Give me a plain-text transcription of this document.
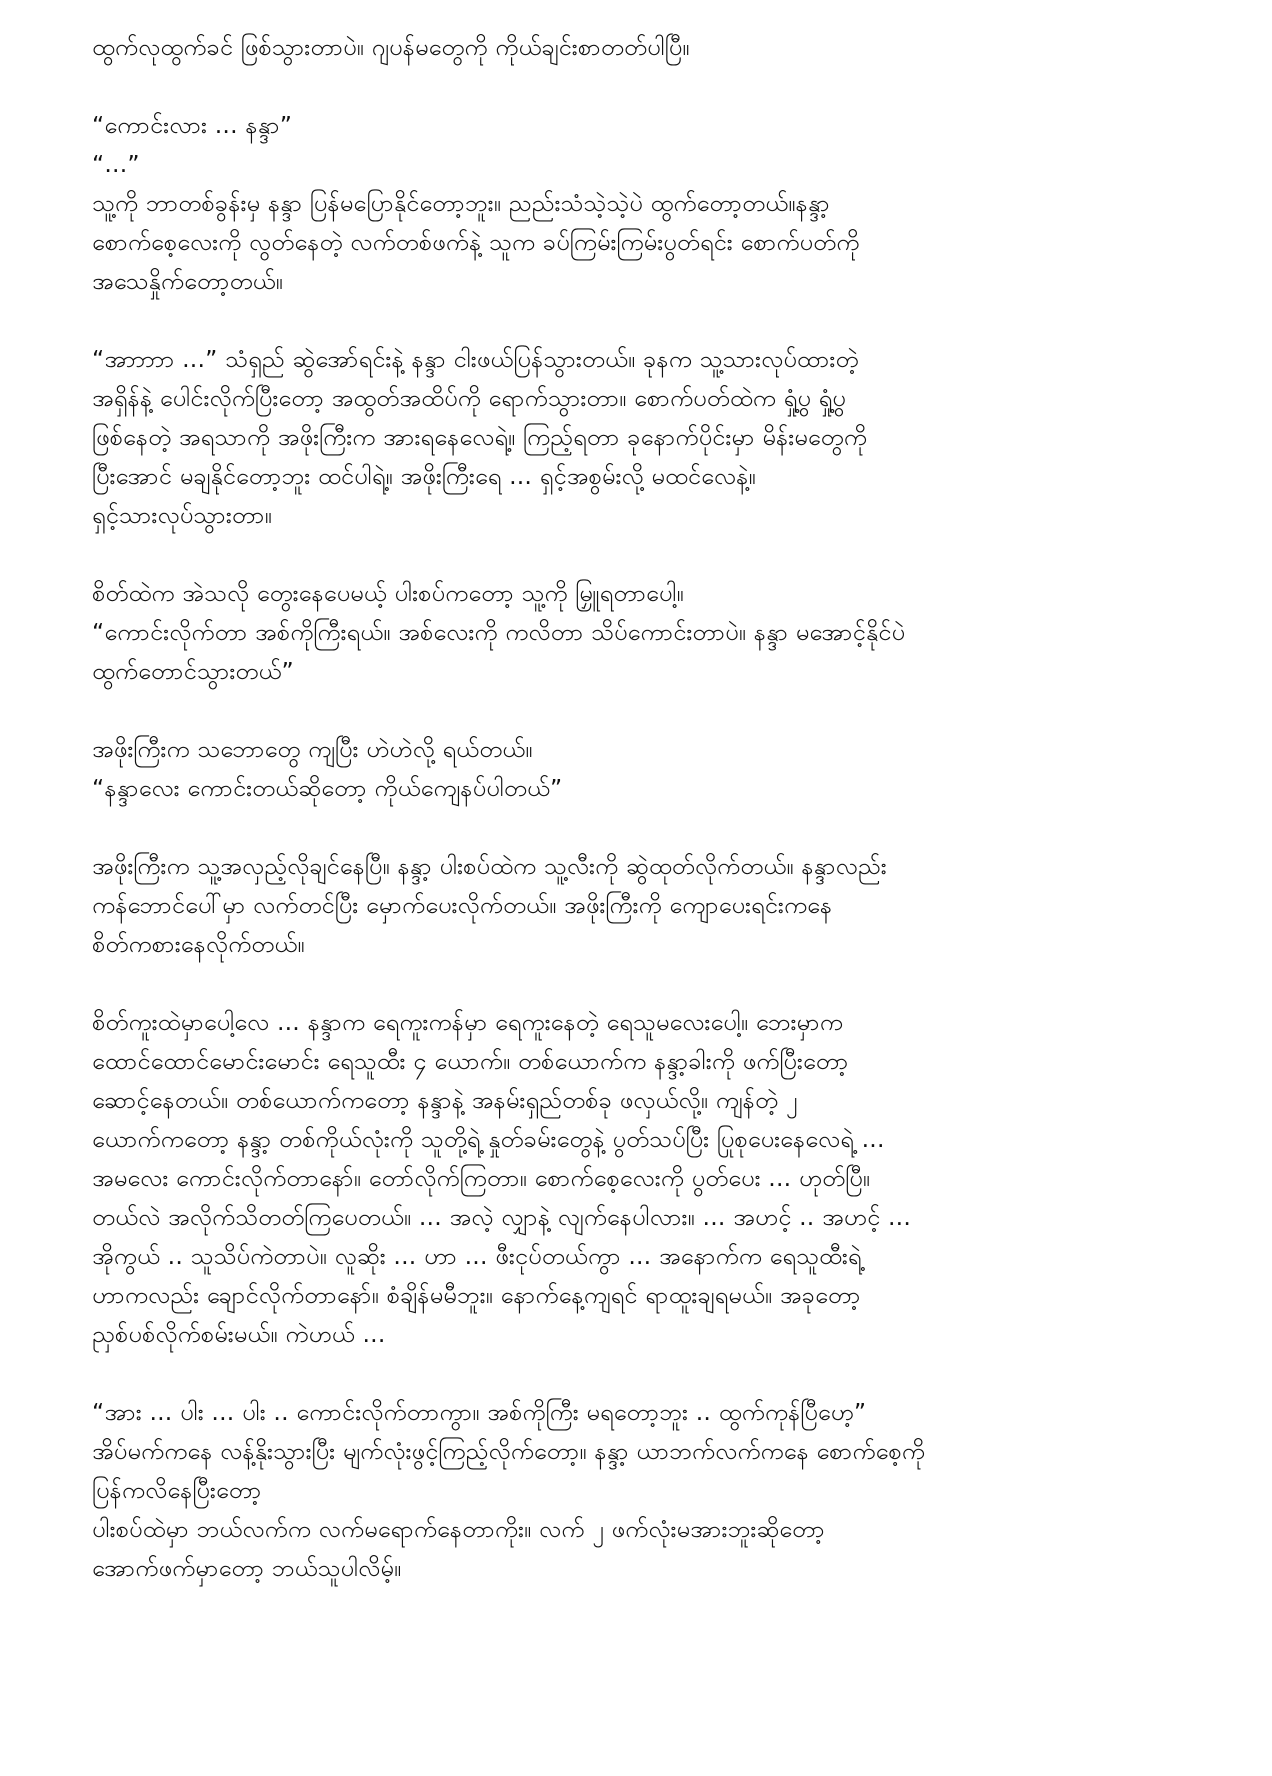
ထွက်လုထွက်ခင် ဖြစ်သွားတာပဲ။ ဂျပန်မတွေကို ကိုယ်ချင်းစာတတ်ပါပြီ။
“ကောင်းလား ... နန္ဒာ”
“...”
သူ့ကို ဘာတစ်ခွန်းမှ နန္ဒာ ပြန်မပြောနိုင်တော့ဘူး။ ညည်းသံသဲ့သဲ့ပဲ ထွက်တော့တယ်။နန္ဒာ့
စောက်စေ့လေးကို လွတ်နေတဲ့ လက်တစ်ဖက်နဲ့ သူက ခပ်ကြမ်းကြမ်းပွတ်ရင်း စောက်ပတ်ကို
အသေနှိုက်တော့တယ်။
“အာာာာာ ...” သံရှည် ဆွဲအော်ရင်းနဲ့ နန္ဒာ ငါးဖယ်ပြန်သွားတယ်။ ခုနက သူ့သားလုပ်ထားတဲ့
အရှိန်နဲ့ ပေါင်းလိုက်ပြီးတော့ အထွတ်အထိပ်ကို ရောက်သွားတာ။ စောက်ပတ်ထဲက ရှုံ့ပွ ရှုံ့ပွ
ဖြစ်နေတဲ့ အရသာကို အဖိုးကြီးက အားရနေလေရဲ့။ ကြည့်ရတာ ခုနောက်ပိုင်းမှာ မိန်းမတွေကို
ပြီးအောင် မချနိုင်တော့ဘူး ထင်ပါရဲ့။ အဖိုးကြီးရေ ... ရှင့်အစွမ်းလို့ မထင်လေနဲ့။
ရှင့်သားလုပ်သွားတာ။
စိတ်ထဲက အဲသလို တွေးနေပေမယ့် ပါးစပ်ကတော့ သူ့ကို မြှူရတာပေါ့။
“ကောင်းလိုက်တာ အစ်ကိုကြီးရယ်။ အစ်လေးကို ကလိတာ သိပ်ကောင်းတာပဲ။ နန္ဒာ မအောင့်နိုင်ပဲ
ထွက်တောင်သွားတယ်”
အဖိုးကြီးက သဘောတွေ ကျပြီး ဟဲဟဲလို့ ရယ်တယ်။
“နန္ဒာလေး ကောင်းတယ်ဆိုတော့ ကိုယ်ကျေနပ်ပါတယ်”
အဖိုးကြီးက သူ့အလှည့်လိုချင်နေပြီ။ နန္ဒာ့ ပါးစပ်ထဲက သူ့လီးကို ဆွဲထုတ်လိုက်တယ်။ နန္ဒာလည်း
ကန်ဘောင်ပေါ်မှာ လက်တင်ပြီး မှောက်ပေးလိုက်တယ်။ အဖိုးကြီးကို ကျောပေးရင်းကနေ
စိတ်ကစားနေလိုက်တယ်။
စိတ်ကူးထဲမှာပေါ့လေ ... နန္ဒာက ရေကူးကန်မှာ ရေကူးနေတဲ့ ရေသူမလေးပေါ့။ ဘေးမှာက
ထောင်ထောင်မောင်းမောင်း ရေသူထီး ၄ ယောက်။ တစ်ယောက်က နန္ဒာ့ခါးကို ဖက်ပြီးတော့
ဆောင့်နေတယ်။ တစ်ယောက်ကတော့ နန္ဒာနဲ့ အနမ်းရှည်တစ်ခု ဖလှယ်လို့။ ကျန်တဲ့ ၂
ယောက်ကတော့ နန္ဒာ့ တစ်ကိုယ်လုံးကို သူတို့ရဲ့ နှုတ်ခမ်းတွေနဲ့ ပွတ်သပ်ပြီး ပြုစုပေးနေလေရဲ့ ...
အမလေး ကောင်းလိုက်တာနော်။ တော်လိုက်ကြတာ။ စောက်စေ့လေးကို ပွတ်ပေး ... ဟုတ်ပြီ။
တယ်လဲ အလိုက်သိတတ်ကြပေတယ်။ ... အလဲ့ လျှာနဲ့ လျက်နေပါလား။ ... အဟင့် .. အဟင့် ...
အိုကွယ် .. သူသိပ်ကဲတာပဲ။ လူဆိုး ... ဟာ ... ဖီးငုပ်တယ်ကွာ ... အနောက်က ရေသူထီးရဲ့
ဟာကလည်း ချောင်လိုက်တာနော်။ စံချိန်မမီဘူး။ နောက်နေ့ကျရင် ရာထူးချရမယ်။ အခုတော့
ညှစ်ပစ်လိုက်စမ်းမယ်။ ကဲဟယ် ...
“အား ... ပါး ... ပါး .. ကောင်းလိုက်တာကွာ။ အစ်ကိုကြီး မရတော့ဘူး .. ထွက်ကုန်ပြီဟေ့”
အိပ်မက်ကနေ လန့်နိုးသွားပြီး မျက်လုံးဖွင့်ကြည့်လိုက်တော့။ နန္ဒာ့ ယာဘက်လက်ကနေ စောက်စေ့ကို
ပြန်ကလိနေပြီးတော့
ပါးစပ်ထဲမှာ ဘယ်လက်က လက်မရောက်နေတာကိုး။ လက် ၂ ဖက်လုံးမအားဘူးဆိုတော့
အောက်ဖက်မှာတော့ ဘယ်သူပါလိမ့်။
